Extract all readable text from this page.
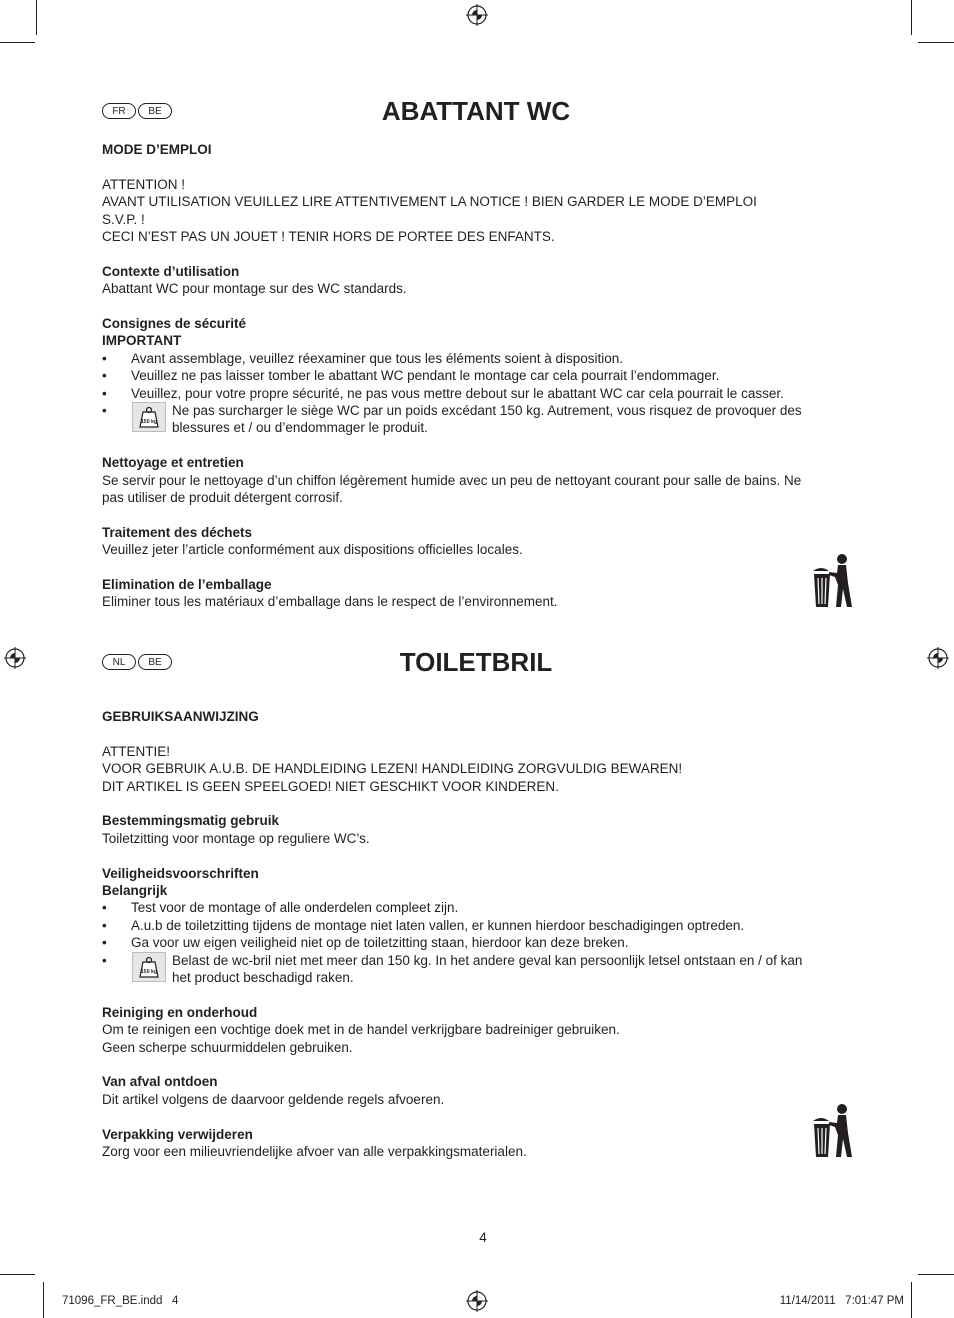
FR	BE	ABATTANT WC

MODE D’EMPLOI

ATTENTION !

AVANT UTILISATION VEUILLEZ LIRE ATTENTIVEMENT LA NOTICE ! BIEN GARDER LE MODE D’EMPLOI

S.V.P. !

CECI N’EST PAS UN JOUET ! TENIR HORS DE PORTEE DES ENFANTS.

Contexte d’utilisation

Abattant WC pour montage sur des WC standards.

Consignes de sécurité

IMPORTANT

• Avant assemblage, veuillez réexaminer que tous les éléments soient à disposition.
• Veuillez ne pas laisser tomber le abattant WC pendant le montage car cela pourrait l’endommager.
• Veuillez, pour votre propre sécurité, ne pas vous mettre debout sur le abattant WC car cela pourrait le casser.
•
150 kg

Ne pas surcharger le siège WC par un poids excédant 150 kg. Autrement, vous risquez de provoquer des

blessures et / ou d’endommager le produit.

Nettoyage et entretien

Se servir pour le nettoyage d’un chiffon légèrement humide avec un peu de nettoyant courant pour salle de bains. Ne

pas utiliser de produit détergent corrosif.

Traitement des déchets

Veuillez jeter l’article conformément aux dispositions officielles locales.

Elimination de l’emballage

Eliminer tous les matériaux d’emballage dans le respect de l’environnement.

NL	BE	TOILETBRIL

GEBRUIKSAANWIJZING

ATTENTIE!

VOOR GEBRUIK A.U.B. DE HANDLEIDING LEZEN! HANDLEIDING ZORGVULDIG BEWAREN!

DIT ARTIKEL IS GEEN SPEELGOED! NIET GESCHIKT VOOR KINDEREN.

Bestemmingsmatig gebruik

Toiletzitting voor montage op reguliere WC’s.

Veiligheidsvoorschriften

Belangrijk

• Test voor de montage of alle onderdelen compleet zijn.
• A.u.b de toiletzitting tijdens de montage niet laten vallen, er kunnen hierdoor beschadigingen optreden.
• Ga voor uw eigen veiligheid niet op de toiletzitting staan, hierdoor kan deze breken.
•
150 kg

Belast de wc-bril niet met meer dan 150 kg. In het andere geval kan persoonlijk letsel ontstaan en / of kan

het product beschadigd raken.

Reiniging en onderhoud

Om te reinigen een vochtige doek met in de handel verkrijgbare badreiniger gebruiken.

Geen scherpe schuurmiddelen gebruiken.

Van afval ontdoen

Dit artikel volgens de daarvoor geldende regels afvoeren.

Verpakking verwijderen

Zorg voor een milieuvriendelijke afvoer van alle verpakkingsmaterialen.

4
71096_FR_BE.indd   4	11/14/2011   7:01:47 PM
